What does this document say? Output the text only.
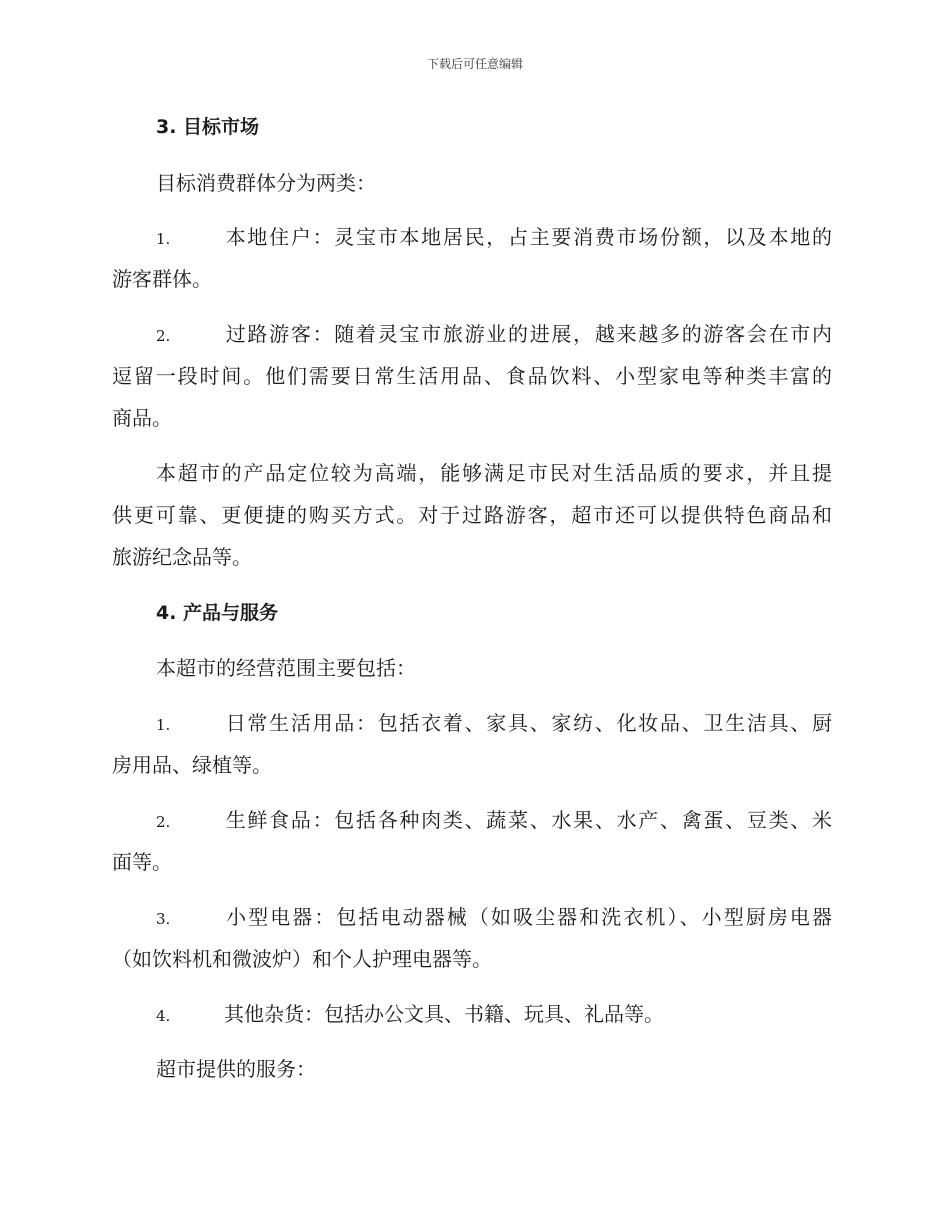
下载后可任意编辑
3. 目标市场
目标消费群体分为两类：
1.	本地住户：灵宝市本地居民，占主要消费市场份额，以及本地的
游客群体。
2.	过路游客：随着灵宝市旅游业的进展，越来越多的游客会在市内
逗留一段时间。他们需要日常生活用品、食品饮料、小型家电等种类丰富的
商品。
本超市的产品定位较为高端，能够满足市民对生活品质的要求，并且提
供更可靠、更便捷的购买方式。对于过路游客，超市还可以提供特色商品和
旅游纪念品等。
4. 产品与服务
本超市的经营范围主要包括：
1.	日常生活用品：包括衣着、家具、家纺、化妆品、卫生洁具、厨
房用品、绿植等。
2.	生鲜食品：包括各种肉类、蔬菜、水果、水产、禽蛋、豆类、米
面等。
3.	小型电器：包括电动器械（如吸尘器和洗衣机）、小型厨房电器
（如饮料机和微波炉）和个人护理电器等。
4.	其他杂货：包括办公文具、书籍、玩具、礼品等。
超市提供的服务：
